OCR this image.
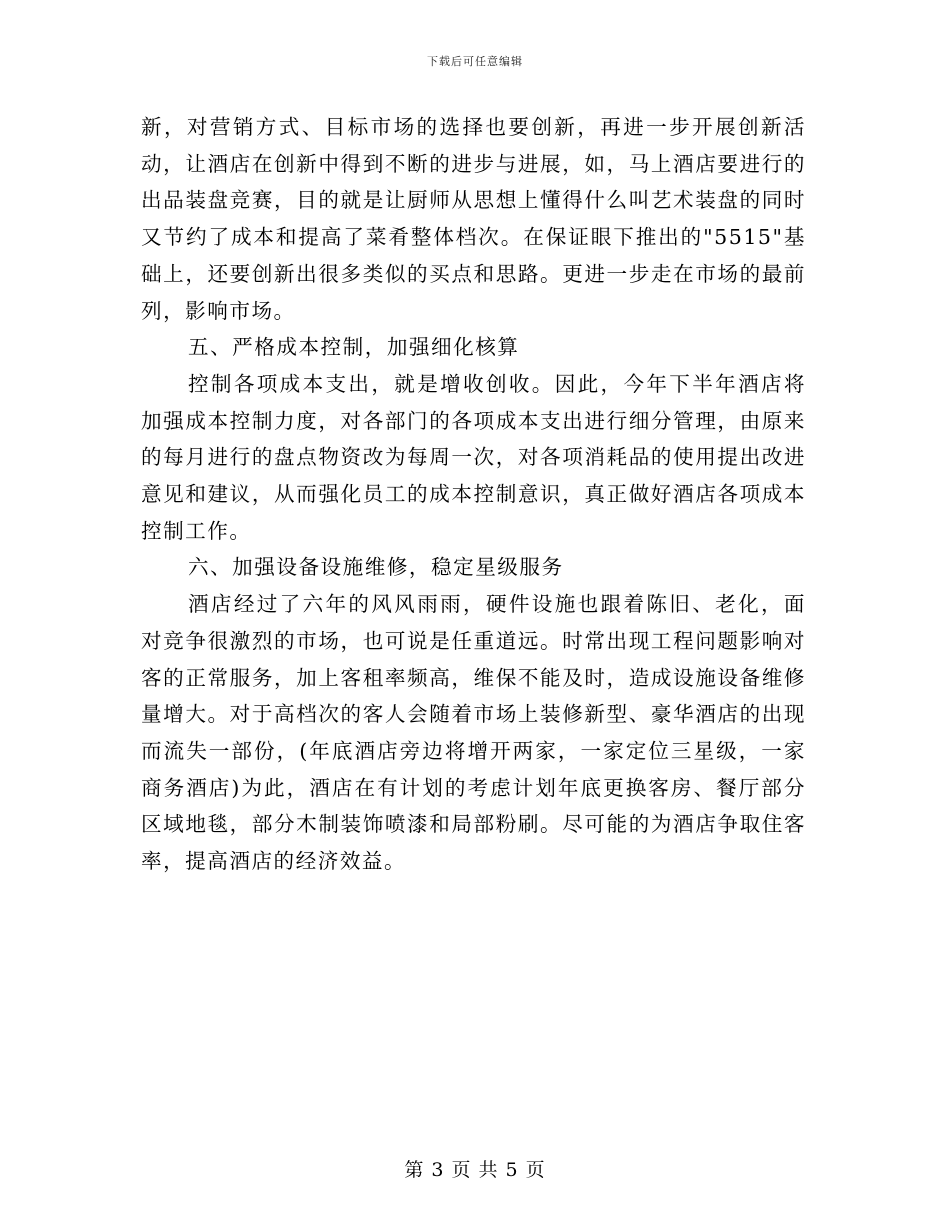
下载后可任意编辑

新，对营销方式、目标市场的选择也要创新，再进一步开展创新活动，让酒店在创新中得到不断的进步与进展，如，马上酒店要进行的出品装盘竞赛，目的就是让厨师从思想上懂得什么叫艺术装盘的同时又节约了成本和提高了菜肴整体档次。在保证眼下推出的"5515"基础上，还要创新出很多类似的买点和思路。更进一步走在市场的最前列，影响市场。

五、严格成本控制，加强细化核算

控制各项成本支出，就是增收创收。因此，今年下半年酒店将加强成本控制力度，对各部门的各项成本支出进行细分管理，由原来的每月进行的盘点物资改为每周一次，对各项消耗品的使用提出改进意见和建议，从而强化员工的成本控制意识，真正做好酒店各项成本控制工作。

六、加强设备设施维修，稳定星级服务

酒店经过了六年的风风雨雨，硬件设施也跟着陈旧、老化，面对竞争很激烈的市场，也可说是任重道远。时常出现工程问题影响对客的正常服务，加上客租率频高，维保不能及时，造成设施设备维修量增大。对于高档次的客人会随着市场上装修新型、豪华酒店的出现而流失一部份，(年底酒店旁边将增开两家，一家定位三星级，一家商务酒店)为此，酒店在有计划的考虑计划年底更换客房、餐厅部分区域地毯，部分木制装饰喷漆和局部粉刷。尽可能的为酒店争取住客率，提高酒店的经济效益。

第 3 页 共 5 页
